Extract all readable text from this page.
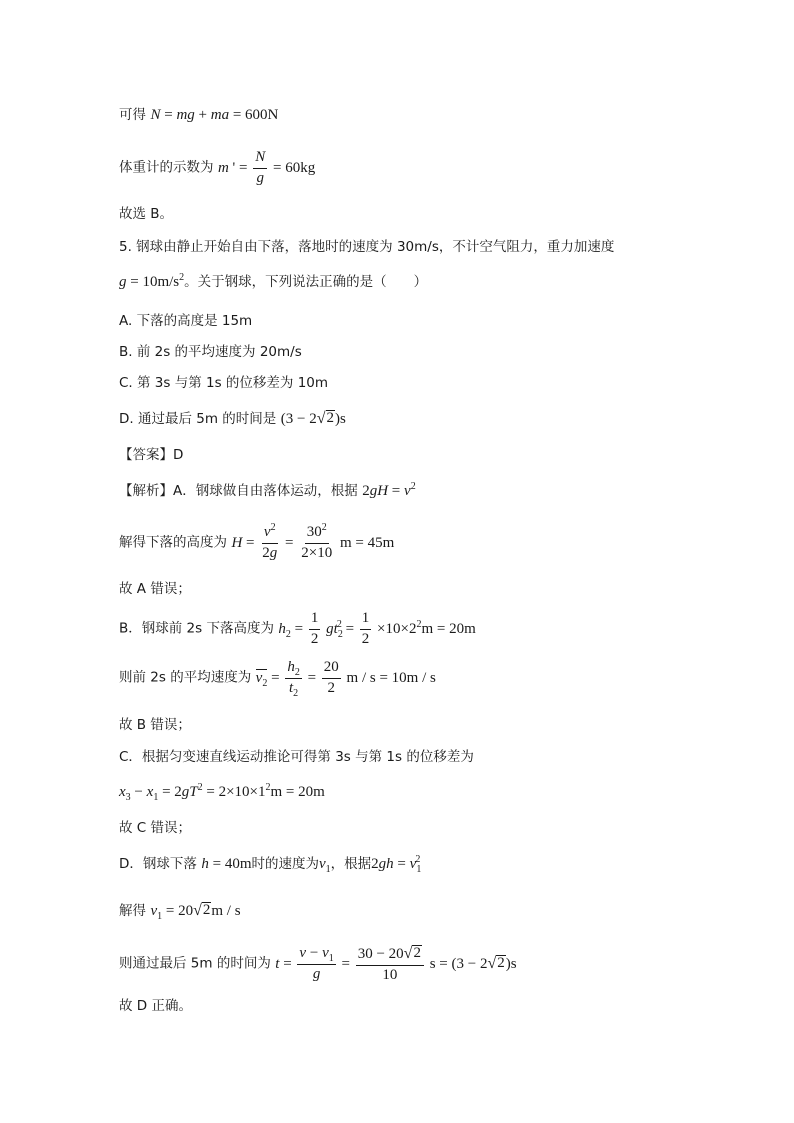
可得 N = mg + ma = 600N
体重计的示数为 m ' = $\frac{N}{g} = 60kg$
故选 B。
5. 钢球由静止开始自由下落，落地时的速度为 30m/s，不计空气阻力，重力加速度
$g = 10m/s^2$。关于钢球，下列说法正确的是（　　）
A. 下落的高度是 15m
B. 前 2s 的平均速度为 20m/s
C. 第 3s 与第 1s 的位移差为 10m
D. 通过最后 5m 的时间是 (3 − 2 √ 2 )s
【答案】D
【解析】A．钢球做自由落体运动，根据 $2gH = v^2$
解得下落的高度为 $H = \frac{v^2}{2g} = \frac{30^2}{2\times 10}$ m = 45m
故 A 错误；
B．钢球前 2s 下落高度为 $h_2 = \frac{1}{2} gt_2^2 = \frac{1}{2} \times 10\times 2^2m = 20m$
则前 2s 的平均速度为 $v_2 = \frac{h_2}{t_2} = \frac{20}{2}$ m / s = 10m / s
故 B 错误；
C．根据匀变速直线运动推论可得第 3s 与第 1s 的位移差为
$x_3 - x_1 = 2gT^2 = 2\times 10\times 1^2m = 20m$
故 C 错误；
D．钢球下落 h = 40m时的速度为$v_1$，根据$2gh = v_1^2$
解得 $v_1 = 20$ √ 2 m / s
则通过最后 5m 的时间为 $t = \frac{v - v_1}{g} = \frac{30 - 20 √ 2}{10}$ s = (3 − 2 √ 2 )s
故 D 正确。
